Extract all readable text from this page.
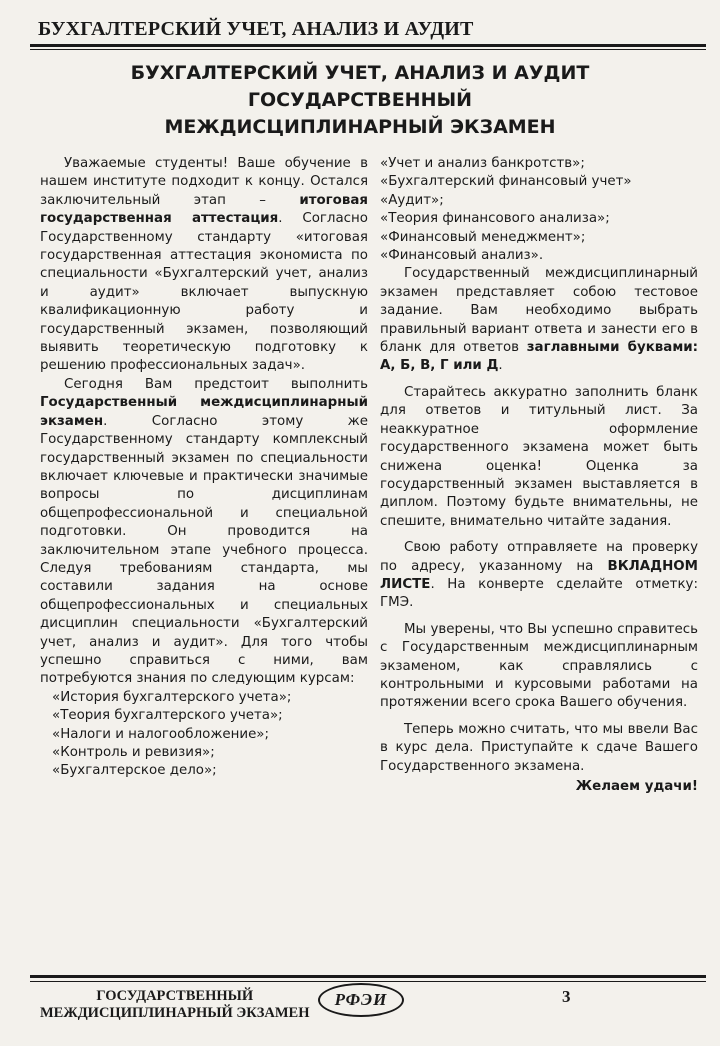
БУХГАЛТЕРСКИЙ УЧЕТ, АНАЛИЗ И АУДИТ
БУХГАЛТЕРСКИЙ УЧЕТ, АНАЛИЗ И АУДИТ
ГОСУДАРСТВЕННЫЙ
МЕЖДИСЦИПЛИНАРНЫЙ ЭКЗАМЕН

Уважаемые студенты! Ваше обучение в нашем институте подходит к концу. Остался заключительный этап – итоговая государственная аттестация. Согласно Государственному стандарту «итоговая государственная аттестация экономиста по специальности «Бухгалтерский учет, анализ и аудит» включает выпускную квалификационную работу и государственный экзамен, позволяющий выявить теоретическую подготовку к решению профессиональных задач».

Сегодня Вам предстоит выполнить Государственный междисциплинарный экзамен. Согласно этому же Государственному стандарту комплексный государственный экзамен по специальности включает ключевые и практически значимые вопросы по дисциплинам общепрофессиональной и специальной подготовки. Он проводится на заключительном этапе учебного процесса. Следуя требованиям стандарта, мы составили задания на основе общепрофессиональных и специальных дисциплин специальности «Бухгалтерский учет, анализ и аудит». Для того чтобы успешно справиться с ними, вам потребуются знания по следующим курсам:

«История бухгалтерского учета»;
«Теория бухгалтерского учета»;
«Налоги и налогообложение»;
«Контроль и ревизия»;
«Бухгалтерское дело»;
«Учет и анализ банкротств»;
«Бухгалтерский финансовый учет»
«Аудит»;
«Теория финансового анализа»;
«Финансовый менеджмент»;
«Финансовый анализ».

Государственный междисциплинарный экзамен представляет собою тестовое задание. Вам необходимо выбрать правильный вариант ответа и занести его в бланк для ответов заглавными буквами: А, Б, В, Г или Д.

Старайтесь аккуратно заполнить бланк для ответов и титульный лист. За неаккуратное оформление государственного экзамена может быть снижена оценка! Оценка за государственный экзамен выставляется в диплом. Поэтому будьте внимательны, не спешите, внимательно читайте задания.

Свою работу отправляете на проверку по адресу, указанному на ВКЛАДНОМ ЛИСТЕ. На конверте сделайте отметку: ГМЭ.

Мы уверены, что Вы успешно справитесь с Государственным междисциплинарным экзаменом, как справлялись с контрольными и курсовыми работами на протяжении всего срока Вашего обучения.

Теперь можно считать, что мы ввели Вас в курс дела. Приступайте к сдаче Вашего Государственного экзамена.

Желаем удачи!
ГОСУДАРСТВЕННЫЙ
МЕЖДИСЦИПЛИНАРНЫЙ ЭКЗАМЕН
РФЭИ	3
